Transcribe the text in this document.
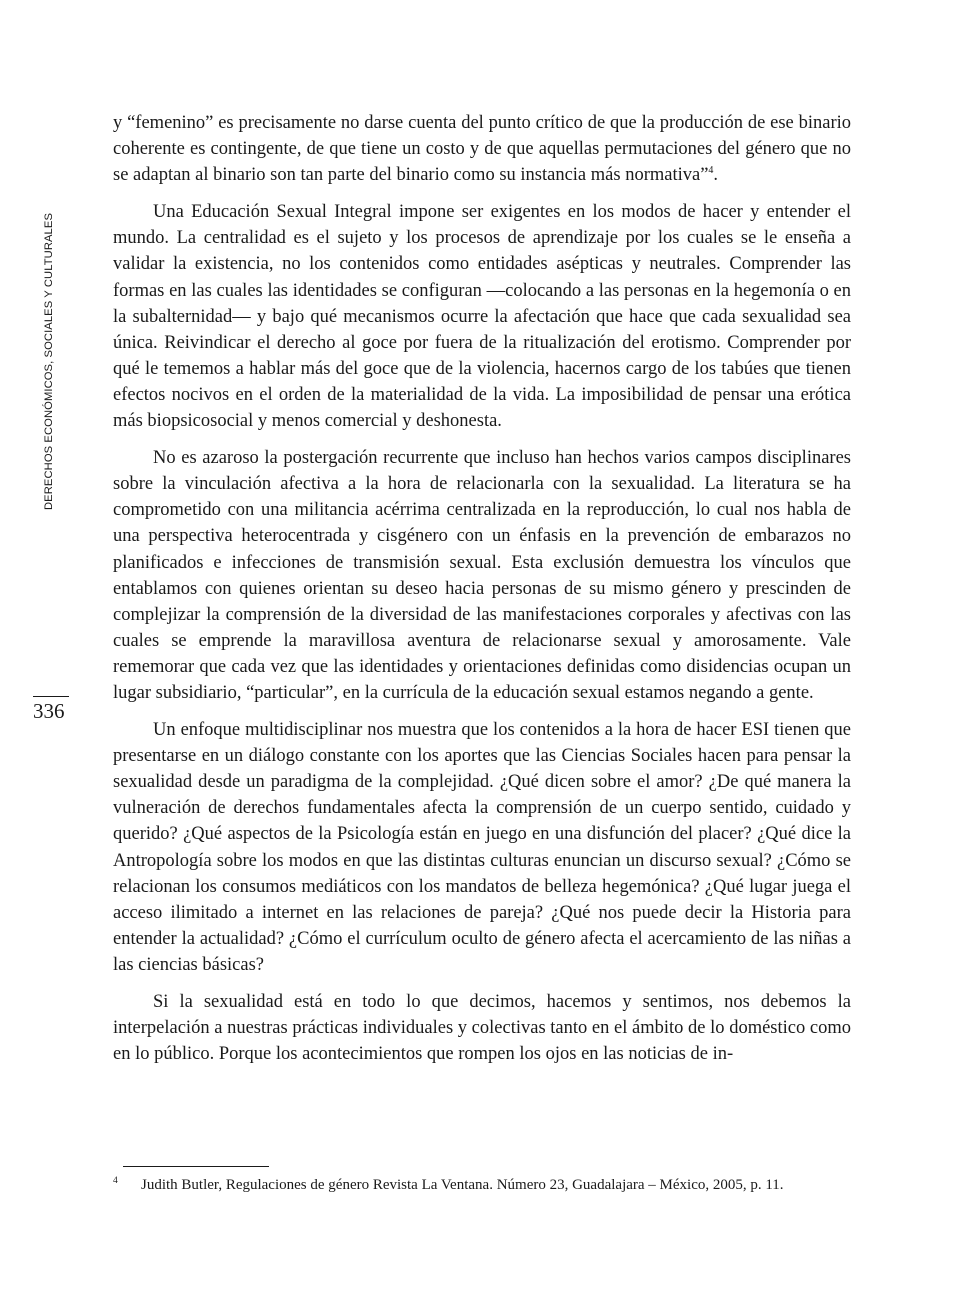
DERECHOS ECONÓMICOS, SOCIALES Y CULTURALES
336

y “femenino” es precisamente no darse cuenta del punto crítico de que la producción de ese binario coherente es contingente, de que tiene un costo y de que aquellas permutaciones del género que no se adaptan al binario son tan parte del binario como su instancia más normativa”$^4$.

Una Educación Sexual Integral impone ser exigentes en los modos de hacer y entender el mundo. La centralidad es el sujeto y los procesos de aprendizaje por los cuales se le enseña a validar la existencia, no los contenidos como entidades asépticas y neutrales. Comprender las formas en las cuales las identidades se configuran —colocando a las personas en la hegemonía o en la subalternidad— y bajo qué mecanismos ocurre la afectación que hace que cada sexualidad sea única. Reivindicar el derecho al goce por fuera de la ritualización del erotismo. Comprender por qué le tememos a hablar más del goce que de la violencia, hacernos cargo de los tabúes que tienen efectos nocivos en el orden de la materialidad de la vida. La imposibilidad de pensar una erótica más biopsicosocial y menos comercial y deshonesta.

No es azaroso la postergación recurrente que incluso han hechos varios campos disciplinares sobre la vinculación afectiva a la hora de relacionarla con la sexualidad. La literatura se ha comprometido con una militancia acérrima centralizada en la reproducción, lo cual nos habla de una perspectiva heterocentrada y cisgénero con un énfasis en la prevención de embarazos no planificados e infecciones de transmisión sexual. Esta exclusión demuestra los vínculos que entablamos con quienes orientan su deseo hacia personas de su mismo género y prescinden de complejizar la comprensión de la diversidad de las manifestaciones corporales y afectivas con las cuales se emprende la maravillosa aventura de relacionarse sexual y amorosamente. Vale rememorar que cada vez que las identidades y orientaciones definidas como disidencias ocupan un lugar subsidiario, “particular”, en la currícula de la educación sexual estamos negando a gente.

Un enfoque multidisciplinar nos muestra que los contenidos a la hora de hacer ESI tienen que presentarse en un diálogo constante con los aportes que las Ciencias Sociales hacen para pensar la sexualidad desde un paradigma de la complejidad. ¿Qué dicen sobre el amor? ¿De qué manera la vulneración de derechos fundamentales afecta la comprensión de un cuerpo sentido, cuidado y querido? ¿Qué aspectos de la Psicología están en juego en una disfunción del placer? ¿Qué dice la Antropología sobre los modos en que las distintas culturas enuncian un discurso sexual? ¿Cómo se relacionan los consumos mediáticos con los mandatos de belleza hegemónica? ¿Qué lugar juega el acceso ilimitado a internet en las relaciones de pareja? ¿Qué nos puede decir la Historia para entender la actualidad? ¿Cómo el currículum oculto de género afecta el acercamiento de las niñas a las ciencias básicas?

Si la sexualidad está en todo lo que decimos, hacemos y sentimos, nos debemos la interpelación a nuestras prácticas individuales y colectivas tanto en el ámbito de lo doméstico como en lo público. Porque los acontecimientos que rompen los ojos en las noticias de in-

4 Judith Butler, Regulaciones de género Revista La Ventana. Número 23, Guadalajara – México, 2005, p. 11.
